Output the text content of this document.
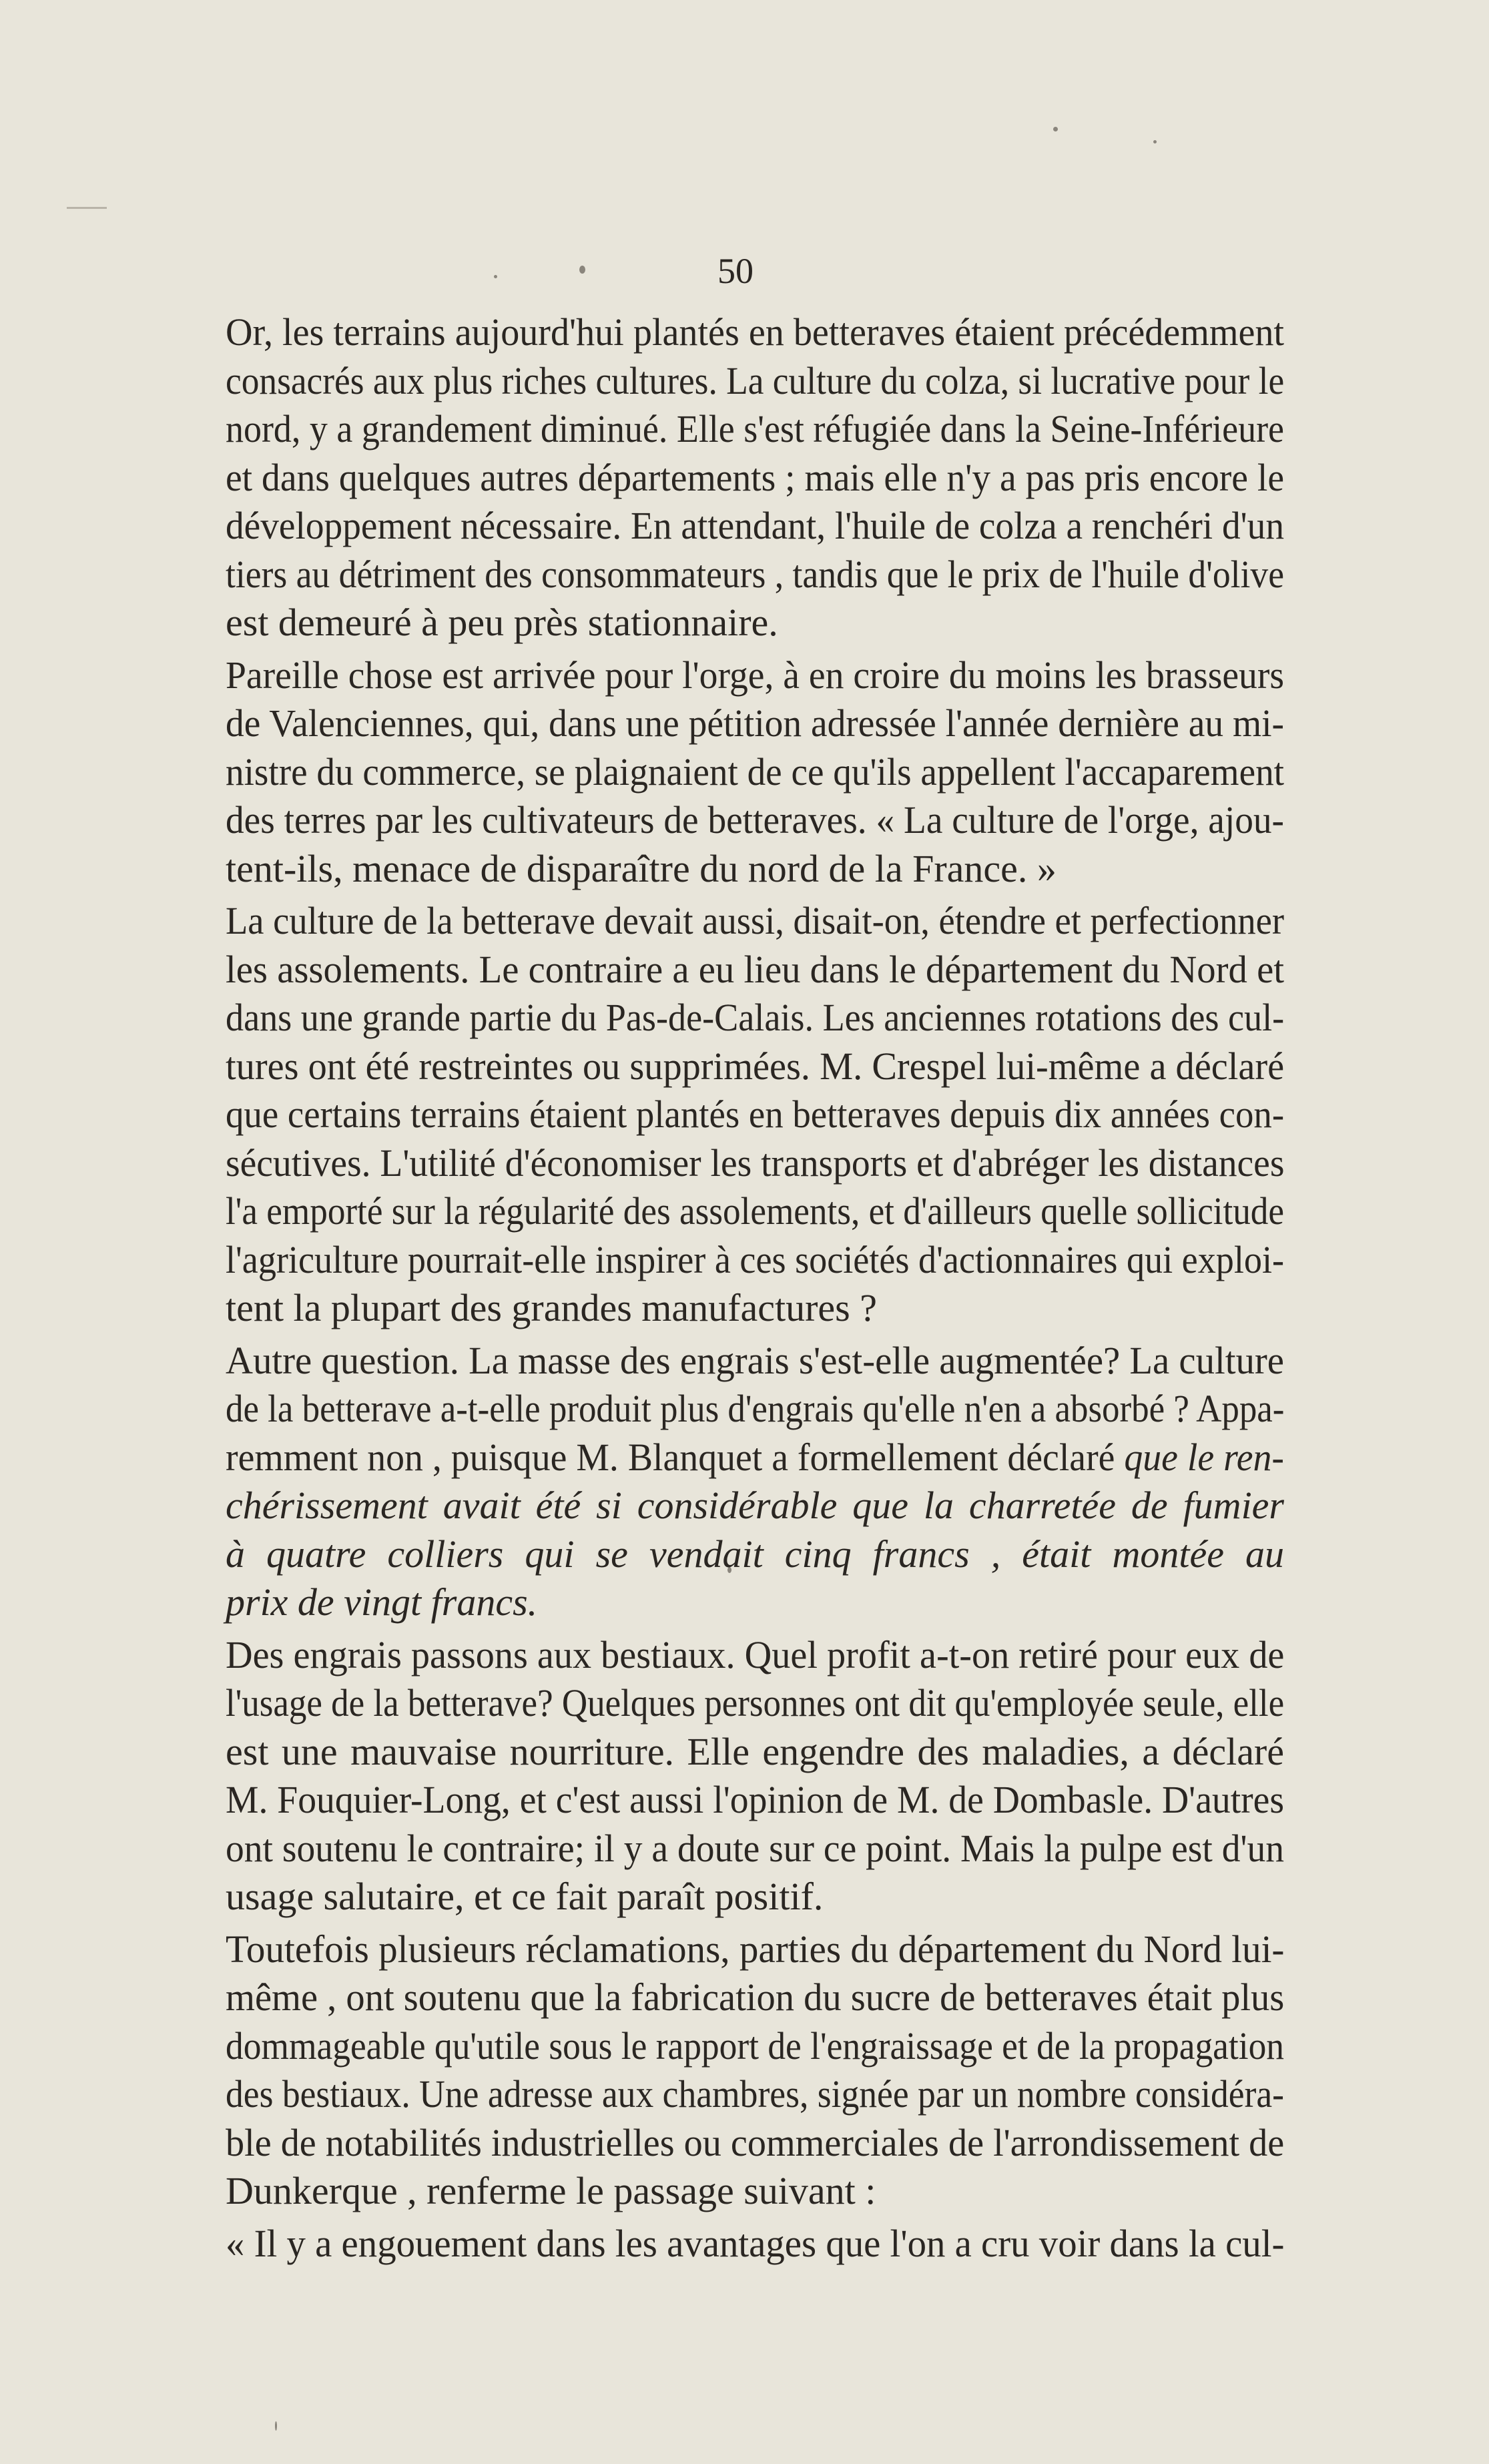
50
Or, les terrains aujourd'hui plantés en betteraves étaient précédemment
consacrés aux plus riches cultures. La culture du colza, si lucrative pour le
nord, y a grandement diminué. Elle s'est réfugiée dans la Seine-Inférieure
et dans quelques autres départements ; mais elle n'y a pas pris encore le
développement nécessaire. En attendant, l'huile de colza a renchéri d'un
tiers au détriment des consommateurs , tandis que le prix de l'huile d'olive
est demeuré à peu près stationnaire.
Pareille chose est arrivée pour l'orge, à en croire du moins les brasseurs
de Valenciennes, qui, dans une pétition adressée l'année dernière au mi-
nistre du commerce, se plaignaient de ce qu'ils appellent l'accaparement
des terres par les cultivateurs de betteraves. « La culture de l'orge, ajou-
tent-ils, menace de disparaître du nord de la France. »
La culture de la betterave devait aussi, disait-on, étendre et perfectionner
les assolements. Le contraire a eu lieu dans le département du Nord et
dans une grande partie du Pas-de-Calais. Les anciennes rotations des cul-
tures ont été restreintes ou supprimées. M. Crespel lui-même a déclaré
que certains terrains étaient plantés en betteraves depuis dix années con-
sécutives. L'utilité d'économiser les transports et d'abréger les distances
l'a emporté sur la régularité des assolements, et d'ailleurs quelle sollicitude
l'agriculture pourrait-elle inspirer à ces sociétés d'actionnaires qui exploi-
tent la plupart des grandes manufactures ?
Autre question. La masse des engrais s'est-elle augmentée? La culture
de la betterave a-t-elle produit plus d'engrais qu'elle n'en a absorbé ? Appa-
remment non , puisque M. Blanquet a formellement déclaré que le ren-
chérissement avait été si considérable que la charretée de fumier
à quatre colliers qui se vendait cinq francs , était montée au
prix de vingt francs.
Des engrais passons aux bestiaux. Quel profit a-t-on retiré pour eux de
l'usage de la betterave? Quelques personnes ont dit qu'employée seule, elle
est une mauvaise nourriture. Elle engendre des maladies, a déclaré
M. Fouquier-Long, et c'est aussi l'opinion de M. de Dombasle. D'autres
ont soutenu le contraire; il y a doute sur ce point. Mais la pulpe est d'un
usage salutaire, et ce fait paraît positif.
Toutefois plusieurs réclamations, parties du département du Nord lui-
même , ont soutenu que la fabrication du sucre de betteraves était plus
dommageable qu'utile sous le rapport de l'engraissage et de la propagation
des bestiaux. Une adresse aux chambres, signée par un nombre considéra-
ble de notabilités industrielles ou commerciales de l'arrondissement de
Dunkerque , renferme le passage suivant :
« Il y a engouement dans les avantages que l'on a cru voir dans la cul-
